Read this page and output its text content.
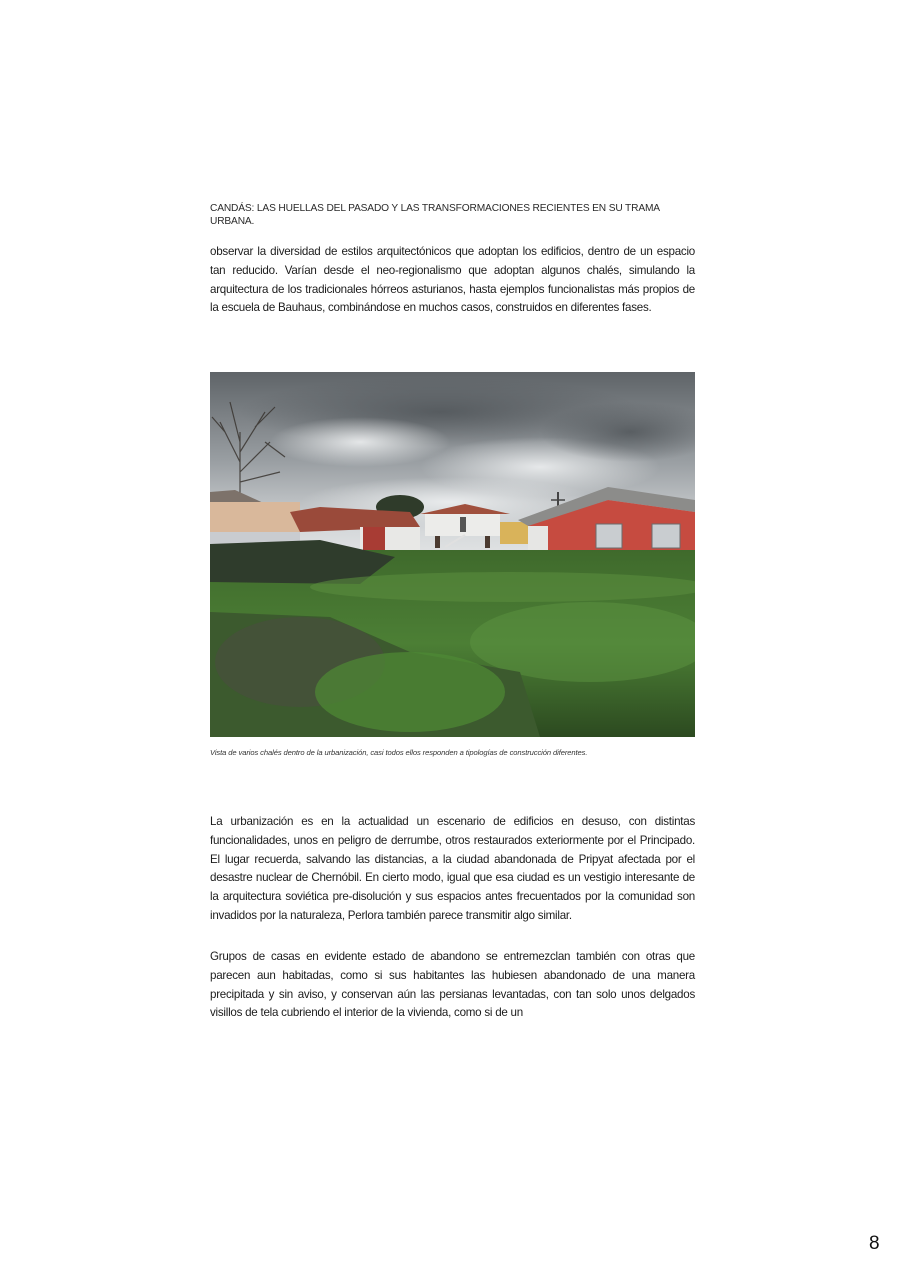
CANDÁS: LAS HUELLAS DEL PASADO Y LAS TRANSFORMACIONES RECIENTES EN SU TRAMA URBANA.

observar la diversidad de estilos arquitectónicos que adoptan los edificios, dentro de un espacio tan reducido. Varían desde el neo-regionalismo que adoptan algunos chalés, simulando la arquitectura de los tradicionales hórreos asturianos, hasta ejemplos funcionalistas más propios de la escuela de Bauhaus, combinándose en muchos casos, construidos en diferentes fases.

Vista de varios chalés dentro de la urbanización, casi todos ellos responden a tipologías de construcción diferentes.

La urbanización es en la actualidad un escenario de edificios en desuso, con distintas funcionalidades, unos en peligro de derrumbe, otros restaurados exteriormente por el Principado. El lugar recuerda, salvando las distancias, a la ciudad abandonada de Pripyat afectada por el desastre nuclear de Chernóbil. En cierto modo, igual que esa ciudad es un vestigio interesante de la arquitectura soviética pre-disolución y sus espacios antes frecuentados por la comunidad son invadidos por la naturaleza, Perlora también parece transmitir algo similar.

Grupos de casas en evidente estado de abandono se entremezclan también con otras que parecen aun habitadas, como si sus habitantes las hubiesen abandonado de una manera precipitada y sin aviso, y conservan aún las persianas levantadas, con tan solo unos delgados visillos de tela cubriendo el interior de la vivienda, como si de un

8
